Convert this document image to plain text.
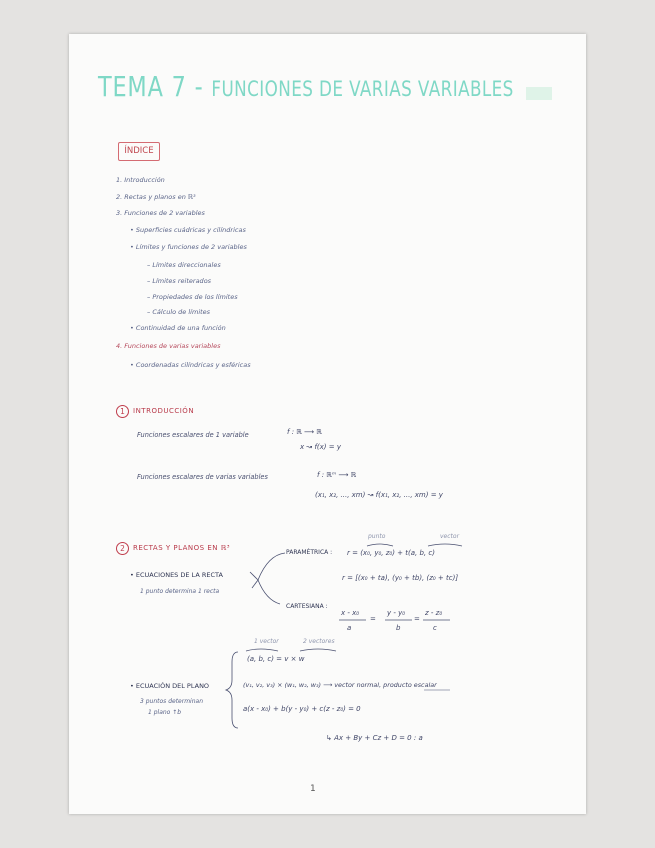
TEMA 7 - FUNCIONES DE VARIAS VARIABLES
ÍNDICE
1. Introducción
2. Rectas y planos en ℝ³
3. Funciones de 2 variables
• Superficies cuádricas y cilíndricas
• Límites y funciones de 2 variables
– Límites direccionales
– Límites reiterados
– Propiedades de los límites
– Cálculo de límites
• Continuidad de una función
4. Funciones de varias variables
• Coordenadas cilíndricas y esféricas
1	INTRODUCCIÓN
Funciones escalares de 1 variable	f : ℝ ⟶ ℝ
x ↝ f(x) = y
Funciones escalares de varias variables	f : ℝᵐ ⟶ ℝ
(x₁, x₂, ..., xm) ↝ f(x₁, x₂, ..., xm) = y
2	RECTAS Y PLANOS EN ℝ³
• ECUACIONES DE LA RECTA
1 punto determina 1 recta
PARAMÉTRICA :
punto	vector
r = (x₀, y₀, z₀) + t(a, b, c)
r = [(x₀ + ta), (y₀ + tb), (z₀ + tc)]
CARTESIANA :
x - x₀
a
y - y₀
b
z - z₀
c
=	=
1 vector	2 vectores
(a, b, c) = v × w
• ECUACIÓN DEL PLANO
3 puntos determinan
1 plano ↑b
(v₁, v₂, v₃) × (w₁, w₂, w₃) ⟶ vector normal, producto escalar
a(x - x₀) + b(y - y₀) + c(z - z₀) = 0
↳ Ax + By + Cz + D = 0 : a
1
